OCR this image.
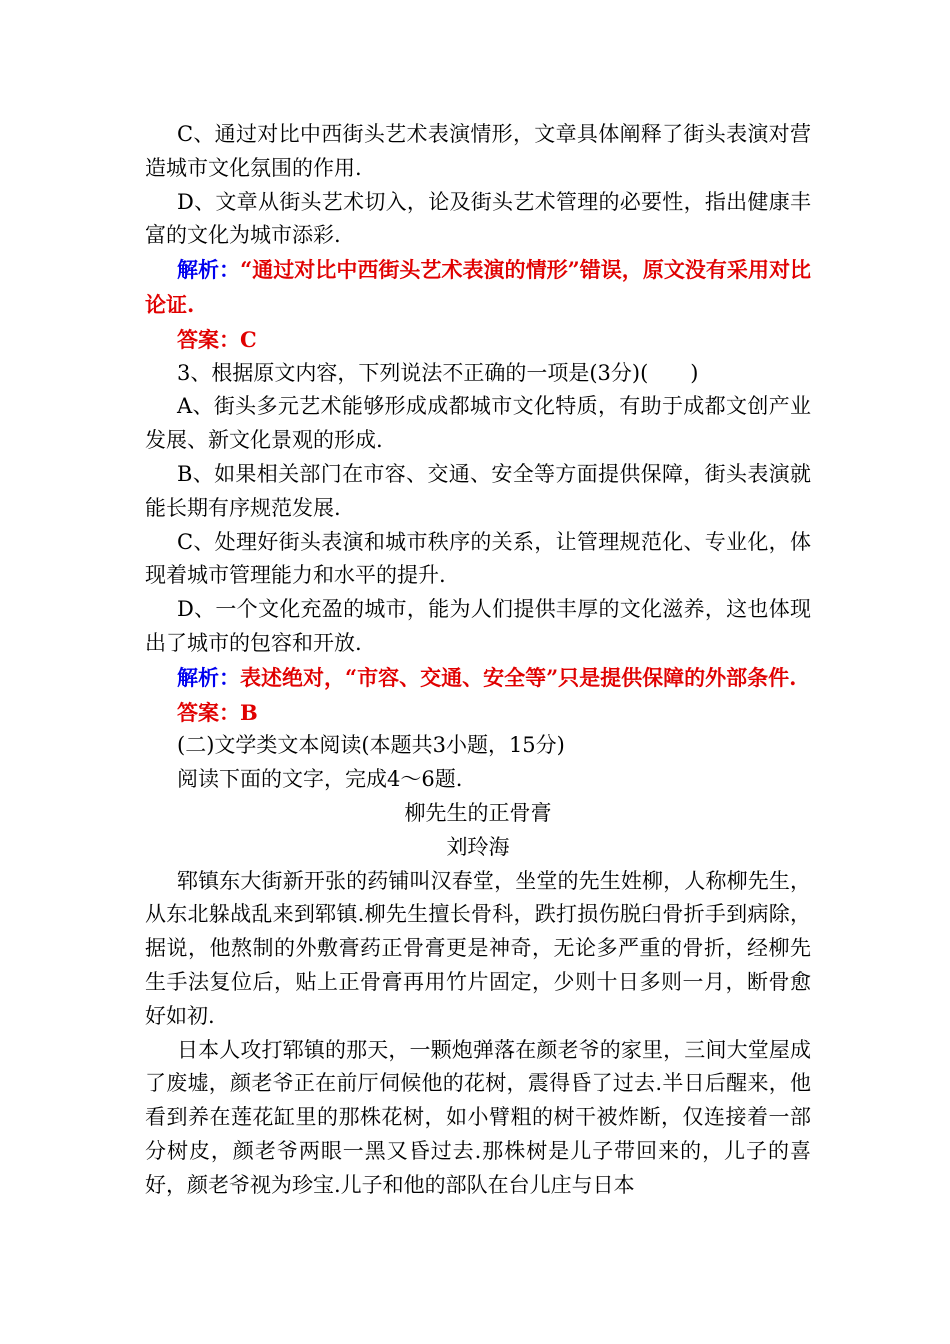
C、通过对比中西街头艺术表演情形，文章具体阐释了街头表演对营造城市文化氛围的作用.

D、文章从街头艺术切入，论及街头艺术管理的必要性，指出健康丰富的文化为城市添彩.

解析：“通过对比中西街头艺术表演的情形”错误，原文没有采用对比论证.

答案：C

3、根据原文内容，下列说法不正确的一项是(3分)(　　)

A、街头多元艺术能够形成成都城市文化特质，有助于成都文创产业发展、新文化景观的形成.

B、如果相关部门在市容、交通、安全等方面提供保障，街头表演就能长期有序规范发展.

C、处理好街头表演和城市秩序的关系，让管理规范化、专业化，体现着城市管理能力和水平的提升.

D、一个文化充盈的城市，能为人们提供丰厚的文化滋养，这也体现出了城市的包容和开放.

解析：表述绝对，“市容、交通、安全等”只是提供保障的外部条件.

答案：B

(二)文学类文本阅读(本题共3小题，15分)

阅读下面的文字，完成4～6题.

柳先生的正骨膏

刘玲海

郓镇东大街新开张的药铺叫汉春堂，坐堂的先生姓柳，人称柳先生，从东北躲战乱来到郓镇.柳先生擅长骨科，跌打损伤脱臼骨折手到病除，据说，他熬制的外敷膏药正骨膏更是神奇，无论多严重的骨折，经柳先生手法复位后，贴上正骨膏再用竹片固定，少则十日多则一月，断骨愈好如初.

日本人攻打郓镇的那天，一颗炮弹落在颜老爷的家里，三间大堂屋成了废墟，颜老爷正在前厅伺候他的花树，震得昏了过去.半日后醒来，他看到养在莲花缸里的那株花树，如小臂粗的树干被炸断，仅连接着一部分树皮，颜老爷两眼一黑又昏过去.那株树是儿子带回来的，儿子的喜好，颜老爷视为珍宝.儿子和他的部队在台儿庄与日本
